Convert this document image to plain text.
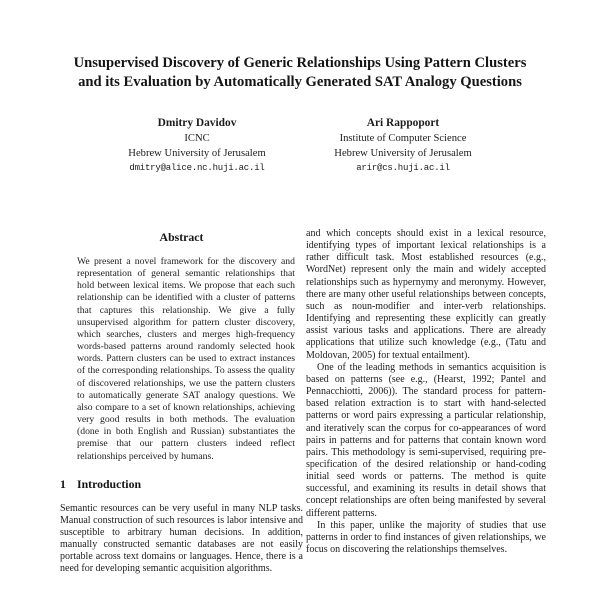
Unsupervised Discovery of Generic Relationships Using Pattern Clusters
and its Evaluation by Automatically Generated SAT Analogy Questions
Dmitry Davidov
ICNC
Hebrew University of Jerusalem
dmitry@alice.nc.huji.ac.il
Ari Rappoport
Institute of Computer Science
Hebrew University of Jerusalem
arir@cs.huji.ac.il
Abstract

We present a novel framework for the discovery and representation of general semantic relationships that hold between lexical items. We propose that each such relationship can be identified with a cluster of patterns that captures this relationship. We give a fully unsupervised algorithm for pattern cluster discovery, which searches, clusters and merges high-frequency words-based patterns around randomly selected hook words. Pattern clusters can be used to extract instances of the corresponding relationships. To assess the quality of discovered relationships, we use the pattern clusters to automatically generate SAT analogy questions. We also compare to a set of known relationships, achieving very good results in both methods. The evaluation (done in both English and Russian) substantiates the premise that our pattern clusters indeed reflect relationships perceived by humans.

1 Introduction

Semantic resources can be very useful in many NLP tasks. Manual construction of such resources is labor intensive and susceptible to arbitrary human decisions. In addition, manually constructed semantic databases are not easily portable across text domains or languages. Hence, there is a need for developing semantic acquisition algorithms.

and which concepts should exist in a lexical resource, identifying types of important lexical relationships is a rather difficult task. Most established resources (e.g., WordNet) represent only the main and widely accepted relationships such as hypernymy and meronymy. However, there are many other useful relationships between concepts, such as noun-modifier and inter-verb relationships. Identifying and representing these explicitly can greatly assist various tasks and applications. There are already applications that utilize such knowledge (e.g., (Tatu and Moldovan, 2005) for textual entailment).

One of the leading methods in semantics acquisition is based on patterns (see e.g., (Hearst, 1992; Pantel and Pennacchiotti, 2006)). The standard process for pattern-based relation extraction is to start with hand-selected patterns or word pairs expressing a particular relationship, and iteratively scan the corpus for co-appearances of word pairs in patterns and for patterns that contain known word pairs. This methodology is semi-supervised, requiring pre-specification of the desired relationship or hand-coding initial seed words or patterns. The method is quite successful, and examining its results in detail shows that concept relationships are often being manifested by several different patterns.

In this paper, unlike the majority of studies that use patterns in order to find instances of given relationships, we focus on discovering the relationships themselves.
